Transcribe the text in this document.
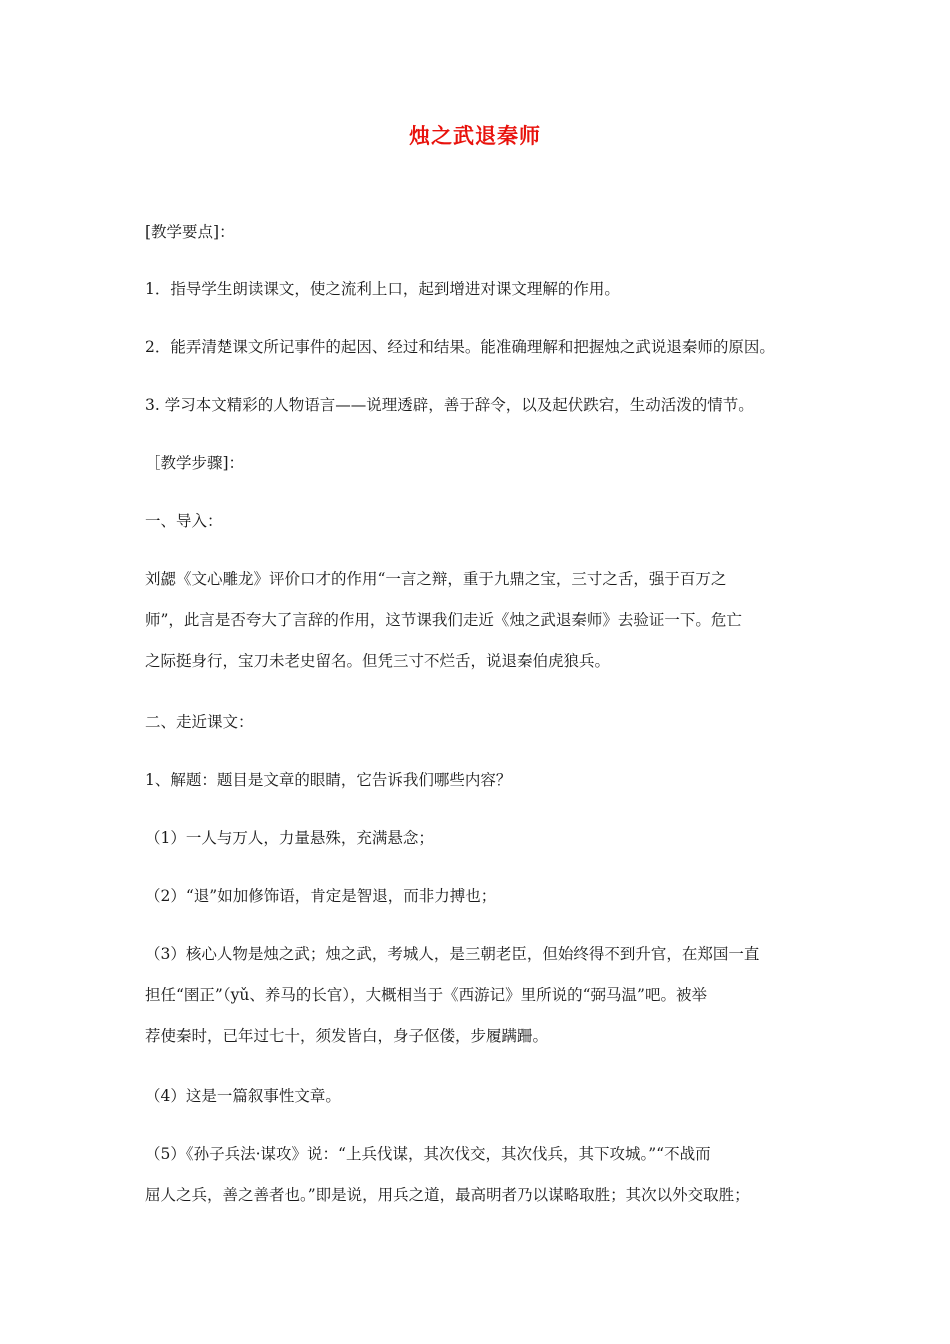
烛之武退秦师
[教学要点]：
1．指导学生朗读课文，使之流利上口，起到增进对课文理解的作用。
2．能弄清楚课文所记事件的起因、经过和结果。能准确理解和把握烛之武说退秦师的原因。
3. 学习本文精彩的人物语言——说理透辟，善于辞令，以及起伏跌宕，生动活泼的情节。
［教学步骤]：
一、导入：
刘勰《文心雕龙》评价口才的作用“一言之辩，重于九鼎之宝，三寸之舌，强于百万之
师”，此言是否夸大了言辞的作用，这节课我们走近《烛之武退秦师》去验证一下。危亡
之际挺身行，宝刀未老史留名。但凭三寸不烂舌，说退秦伯虎狼兵。
二、走近课文：
1、解题：题目是文章的眼睛，它告诉我们哪些内容？
（1）一人与万人，力量悬殊，充满悬念；
（2）“退”如加修饰语，肯定是智退，而非力搏也；
（3）核心人物是烛之武；烛之武，考城人，是三朝老臣，但始终得不到升官，在郑国一直
担任“圉正”（yǔ、养马的长官），大概相当于《西游记》里所说的“弼马温”吧。被举
荐使秦时，已年过七十，须发皆白，身子伛偻，步履蹒跚。
（4）这是一篇叙事性文章。
（5）《孙子兵法·谋攻》说：“上兵伐谋，其次伐交，其次伐兵，其下攻城。”“不战而
屈人之兵，善之善者也。”即是说，用兵之道，最高明者乃以谋略取胜；其次以外交取胜；
